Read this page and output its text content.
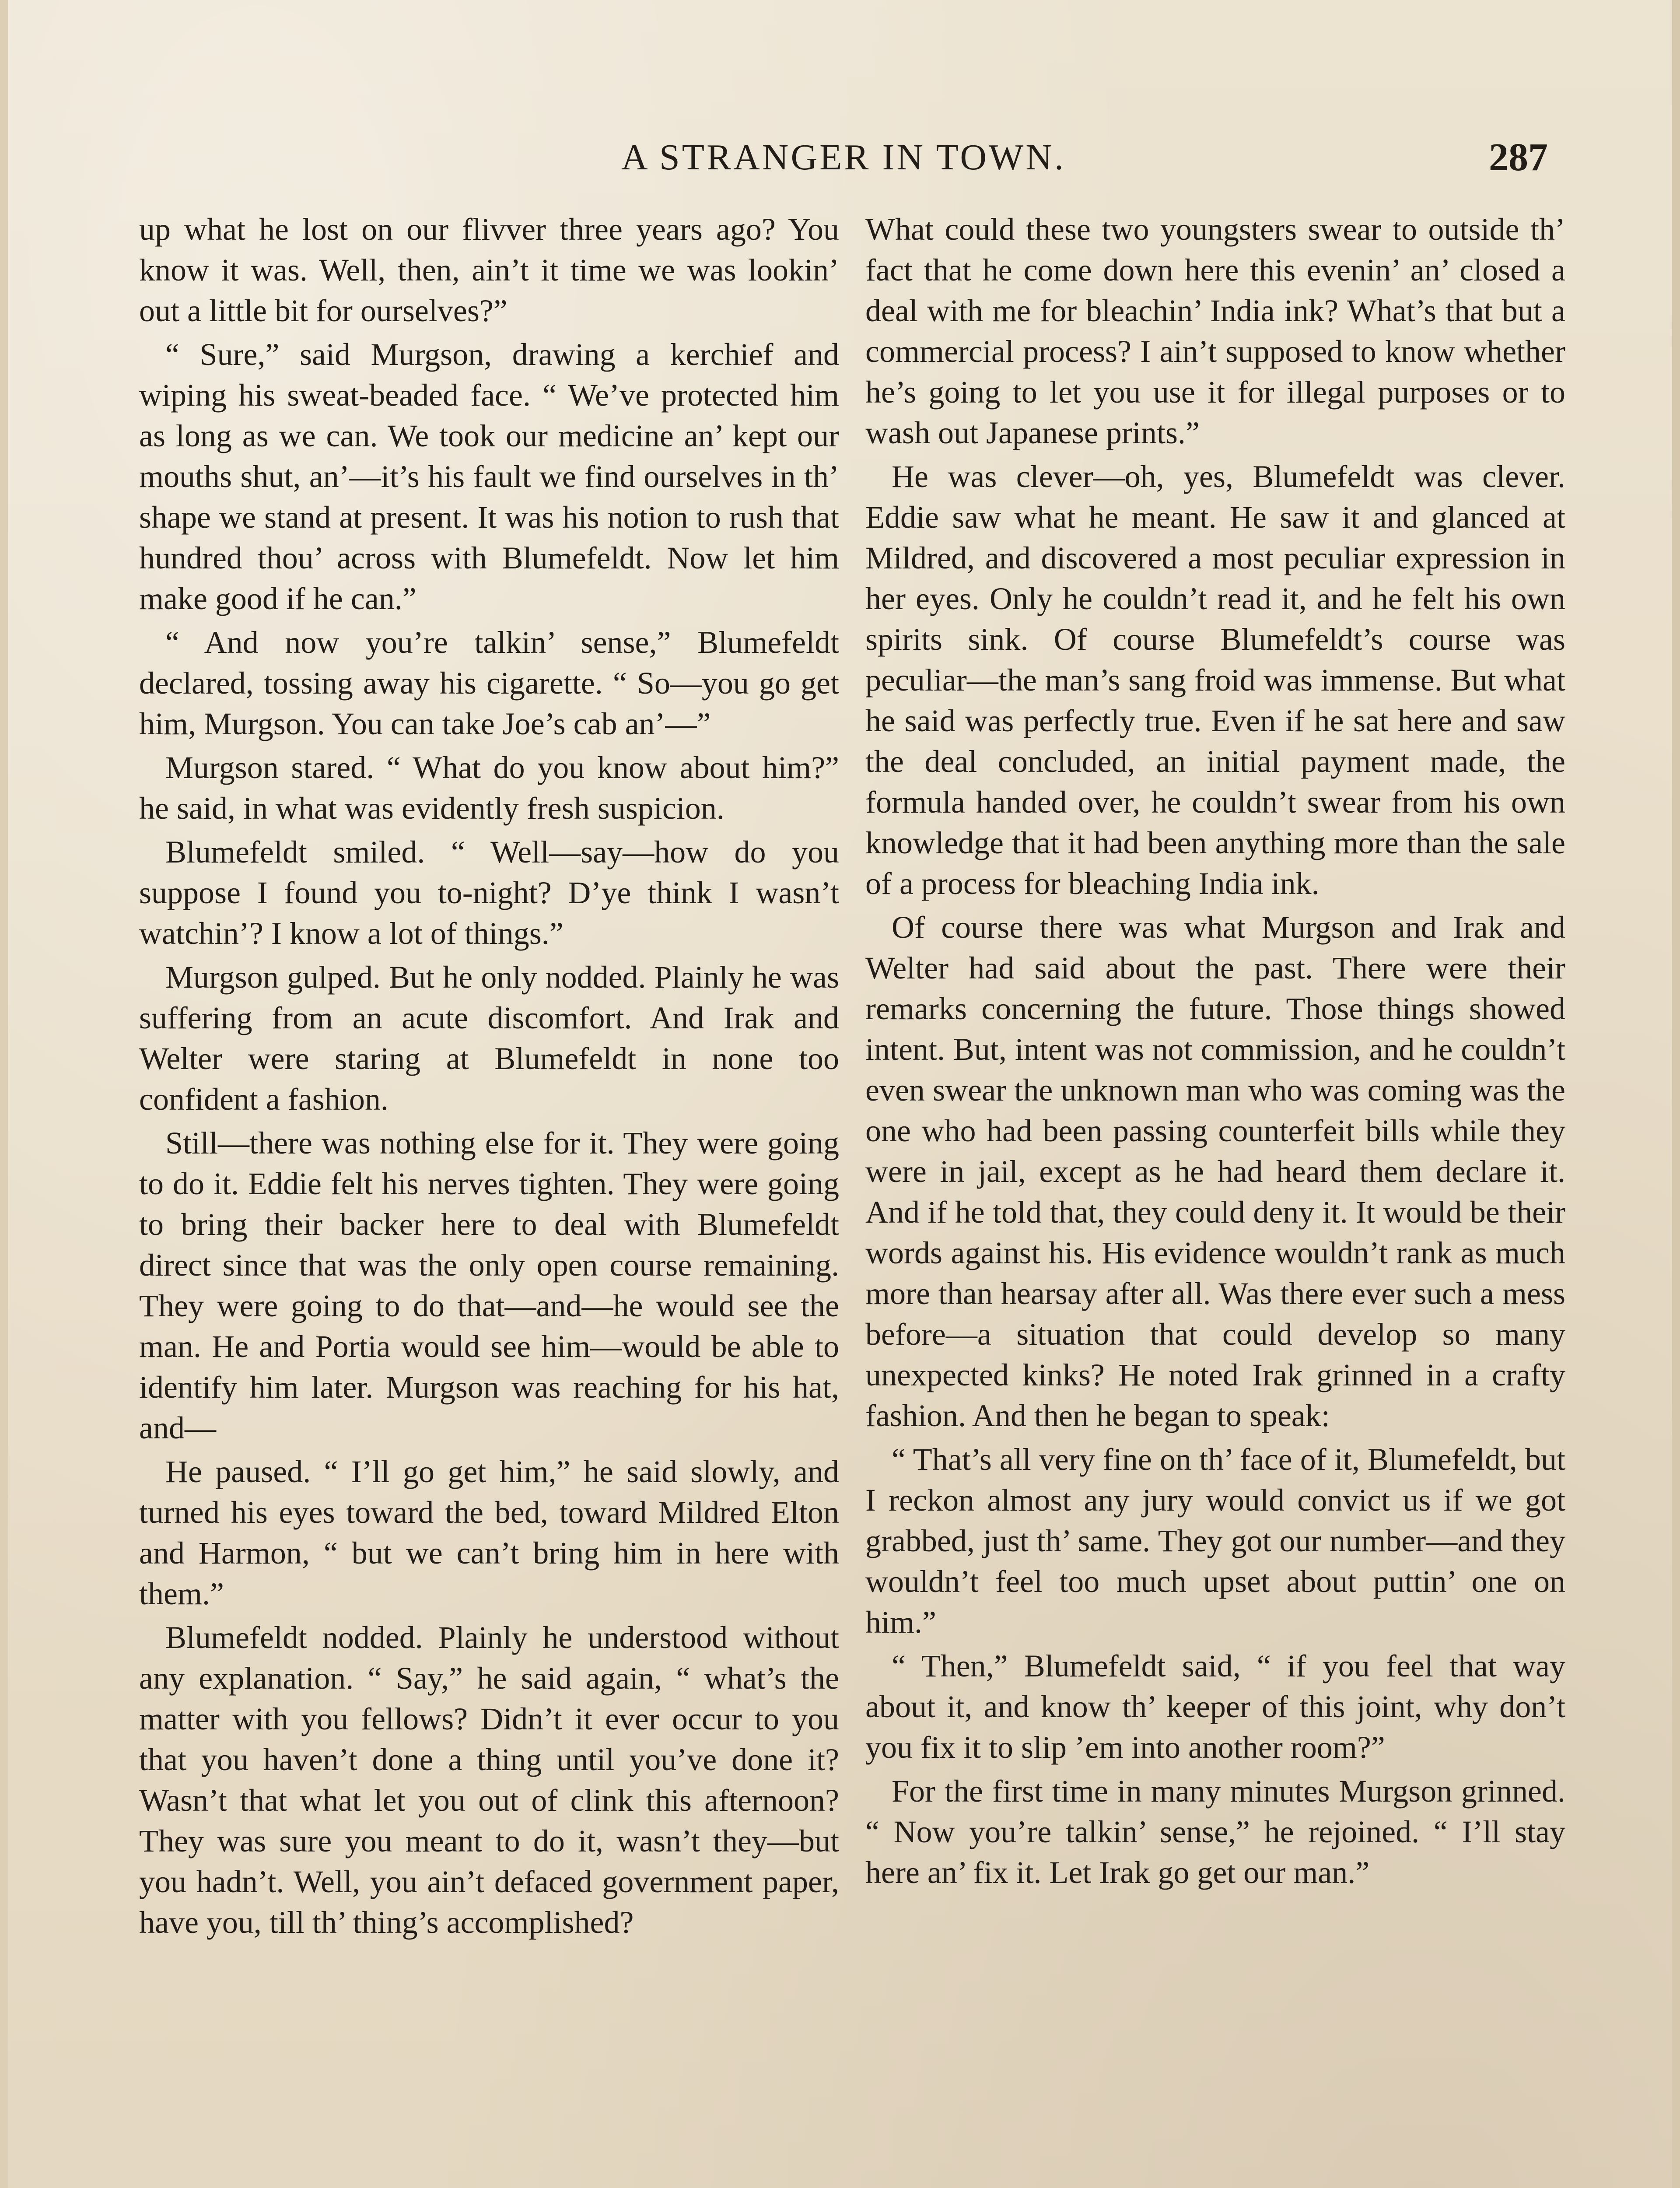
A STRANGER IN TOWN.	287

up what he lost on our flivver three years ago? You know it was. Well, then, ain’t it time we was lookin’ out a little bit for ourselves?”

“ Sure,” said Murgson, drawing a kerchief and wiping his sweat-beaded face. “ We’ve protected him as long as we can. We took our medicine an’ kept our mouths shut, an’—it’s his fault we find ourselves in th’ shape we stand at present. It was his notion to rush that hundred thou’ across with Blumefeldt. Now let him make good if he can.”

“ And now you’re talkin’ sense,” Blumefeldt declared, tossing away his cigarette. “ So—you go get him, Murgson. You can take Joe’s cab an’—”

Murgson stared. “ What do you know about him?” he said, in what was evidently fresh suspicion.

Blumefeldt smiled. “ Well—say—how do you suppose I found you to-night? D’ye think I wasn’t watchin’? I know a lot of things.”

Murgson gulped. But he only nodded. Plainly he was suffering from an acute discomfort. And Irak and Welter were staring at Blumefeldt in none too confident a fashion.

Still—there was nothing else for it. They were going to do it. Eddie felt his nerves tighten. They were going to bring their backer here to deal with Blumefeldt direct since that was the only open course remaining. They were going to do that—and—he would see the man. He and Portia would see him—would be able to identify him later. Murgson was reaching for his hat, and—

He paused. “ I’ll go get him,” he said slowly, and turned his eyes toward the bed, toward Mildred Elton and Harmon, “ but we can’t bring him in here with them.”

Blumefeldt nodded. Plainly he understood without any explanation. “ Say,” he said again, “ what’s the matter with you fellows? Didn’t it ever occur to you that you haven’t done a thing until you’ve done it? Wasn’t that what let you out of clink this afternoon? They was sure you meant to do it, wasn’t they—but you hadn’t. Well, you ain’t defaced government paper, have you, till th’ thing’s accomplished?

What could these two youngsters swear to outside th’ fact that he come down here this evenin’ an’ closed a deal with me for bleachin’ India ink? What’s that but a commercial process? I ain’t supposed to know whether he’s going to let you use it for illegal purposes or to wash out Japanese prints.”

He was clever—oh, yes, Blumefeldt was clever. Eddie saw what he meant. He saw it and glanced at Mildred, and discovered a most peculiar expression in her eyes. Only he couldn’t read it, and he felt his own spirits sink. Of course Blumefeldt’s course was peculiar—the man’s sang froid was immense. But what he said was perfectly true. Even if he sat here and saw the deal concluded, an initial payment made, the formula handed over, he couldn’t swear from his own knowledge that it had been anything more than the sale of a process for bleaching India ink.

Of course there was what Murgson and Irak and Welter had said about the past. There were their remarks concerning the future. Those things showed intent. But, intent was not commission, and he couldn’t even swear the unknown man who was coming was the one who had been passing counterfeit bills while they were in jail, except as he had heard them declare it. And if he told that, they could deny it. It would be their words against his. His evidence wouldn’t rank as much more than hearsay after all. Was there ever such a mess before—a situation that could develop so many unexpected kinks? He noted Irak grinned in a crafty fashion. And then he began to speak:

“ That’s all very fine on th’ face of it, Blumefeldt, but I reckon almost any jury would convict us if we got grabbed, just th’ same. They got our number—and they wouldn’t feel too much upset about puttin’ one on him.”

“ Then,” Blumefeldt said, “ if you feel that way about it, and know th’ keeper of this joint, why don’t you fix it to slip ’em into another room?”

For the first time in many minutes Murgson grinned. “ Now you’re talkin’ sense,” he rejoined. “ I’ll stay here an’ fix it. Let Irak go get our man.”
